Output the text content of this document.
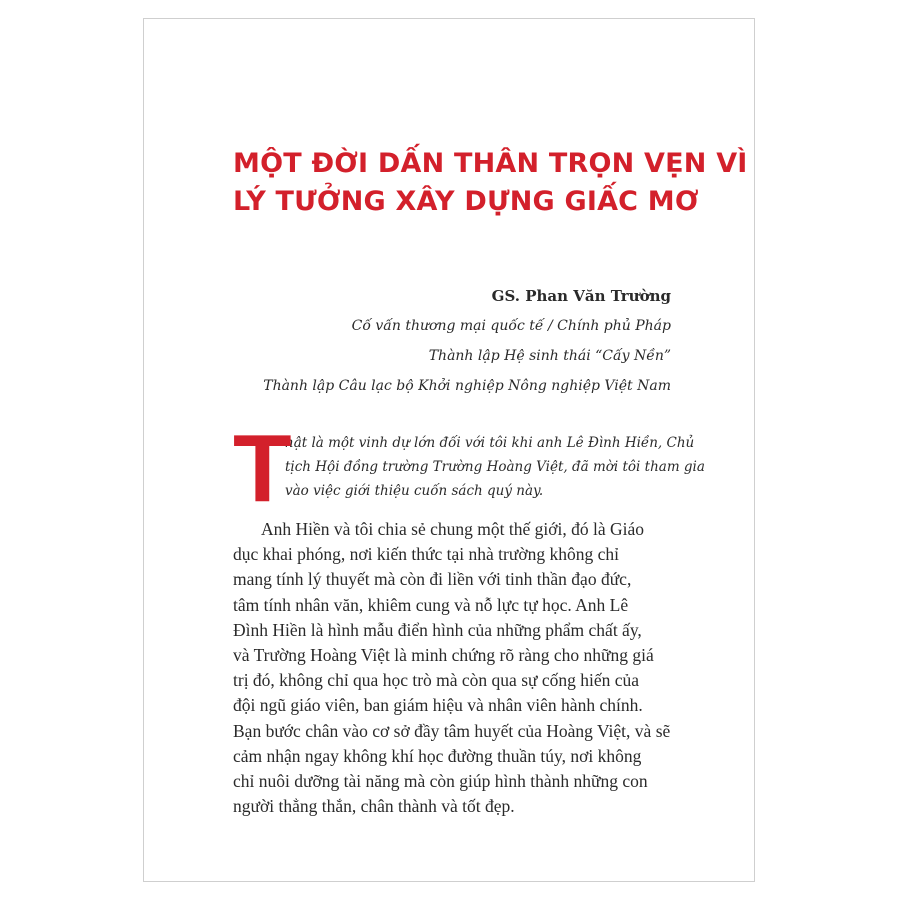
MỘT ĐỜI DẤN THÂN TRỌN VẸN VÌ
LÝ TƯỞNG XÂY DỰNG GIẤC MƠ
GS. Phan Văn Trường
Cố vấn thương mại quốc tế / Chính phủ Pháp
Thành lập Hệ sinh thái “Cấy Nền”
Thành lập Câu lạc bộ Khởi nghiệp Nông nghiệp Việt Nam
T

hật là một vinh dự lớn đối với tôi khi anh Lê Đình Hiền, Chủ
tịch Hội đồng trường Trường Hoàng Việt, đã mời tôi tham gia
vào việc giới thiệu cuốn sách quý này.

Anh Hiền và tôi chia sẻ chung một thế giới, đó là Giáo
dục khai phóng, nơi kiến thức tại nhà trường không chỉ
mang tính lý thuyết mà còn đi liền với tinh thần đạo đức,
tâm tính nhân văn, khiêm cung và nỗ lực tự học. Anh Lê
Đình Hiền là hình mẫu điển hình của những phẩm chất ấy,
và Trường Hoàng Việt là minh chứng rõ ràng cho những giá
trị đó, không chỉ qua học trò mà còn qua sự cống hiến của
đội ngũ giáo viên, ban giám hiệu và nhân viên hành chính.
Bạn bước chân vào cơ sở đầy tâm huyết của Hoàng Việt, và sẽ
cảm nhận ngay không khí học đường thuần túy, nơi không
chỉ nuôi dưỡng tài năng mà còn giúp hình thành những con
người thẳng thắn, chân thành và tốt đẹp.
